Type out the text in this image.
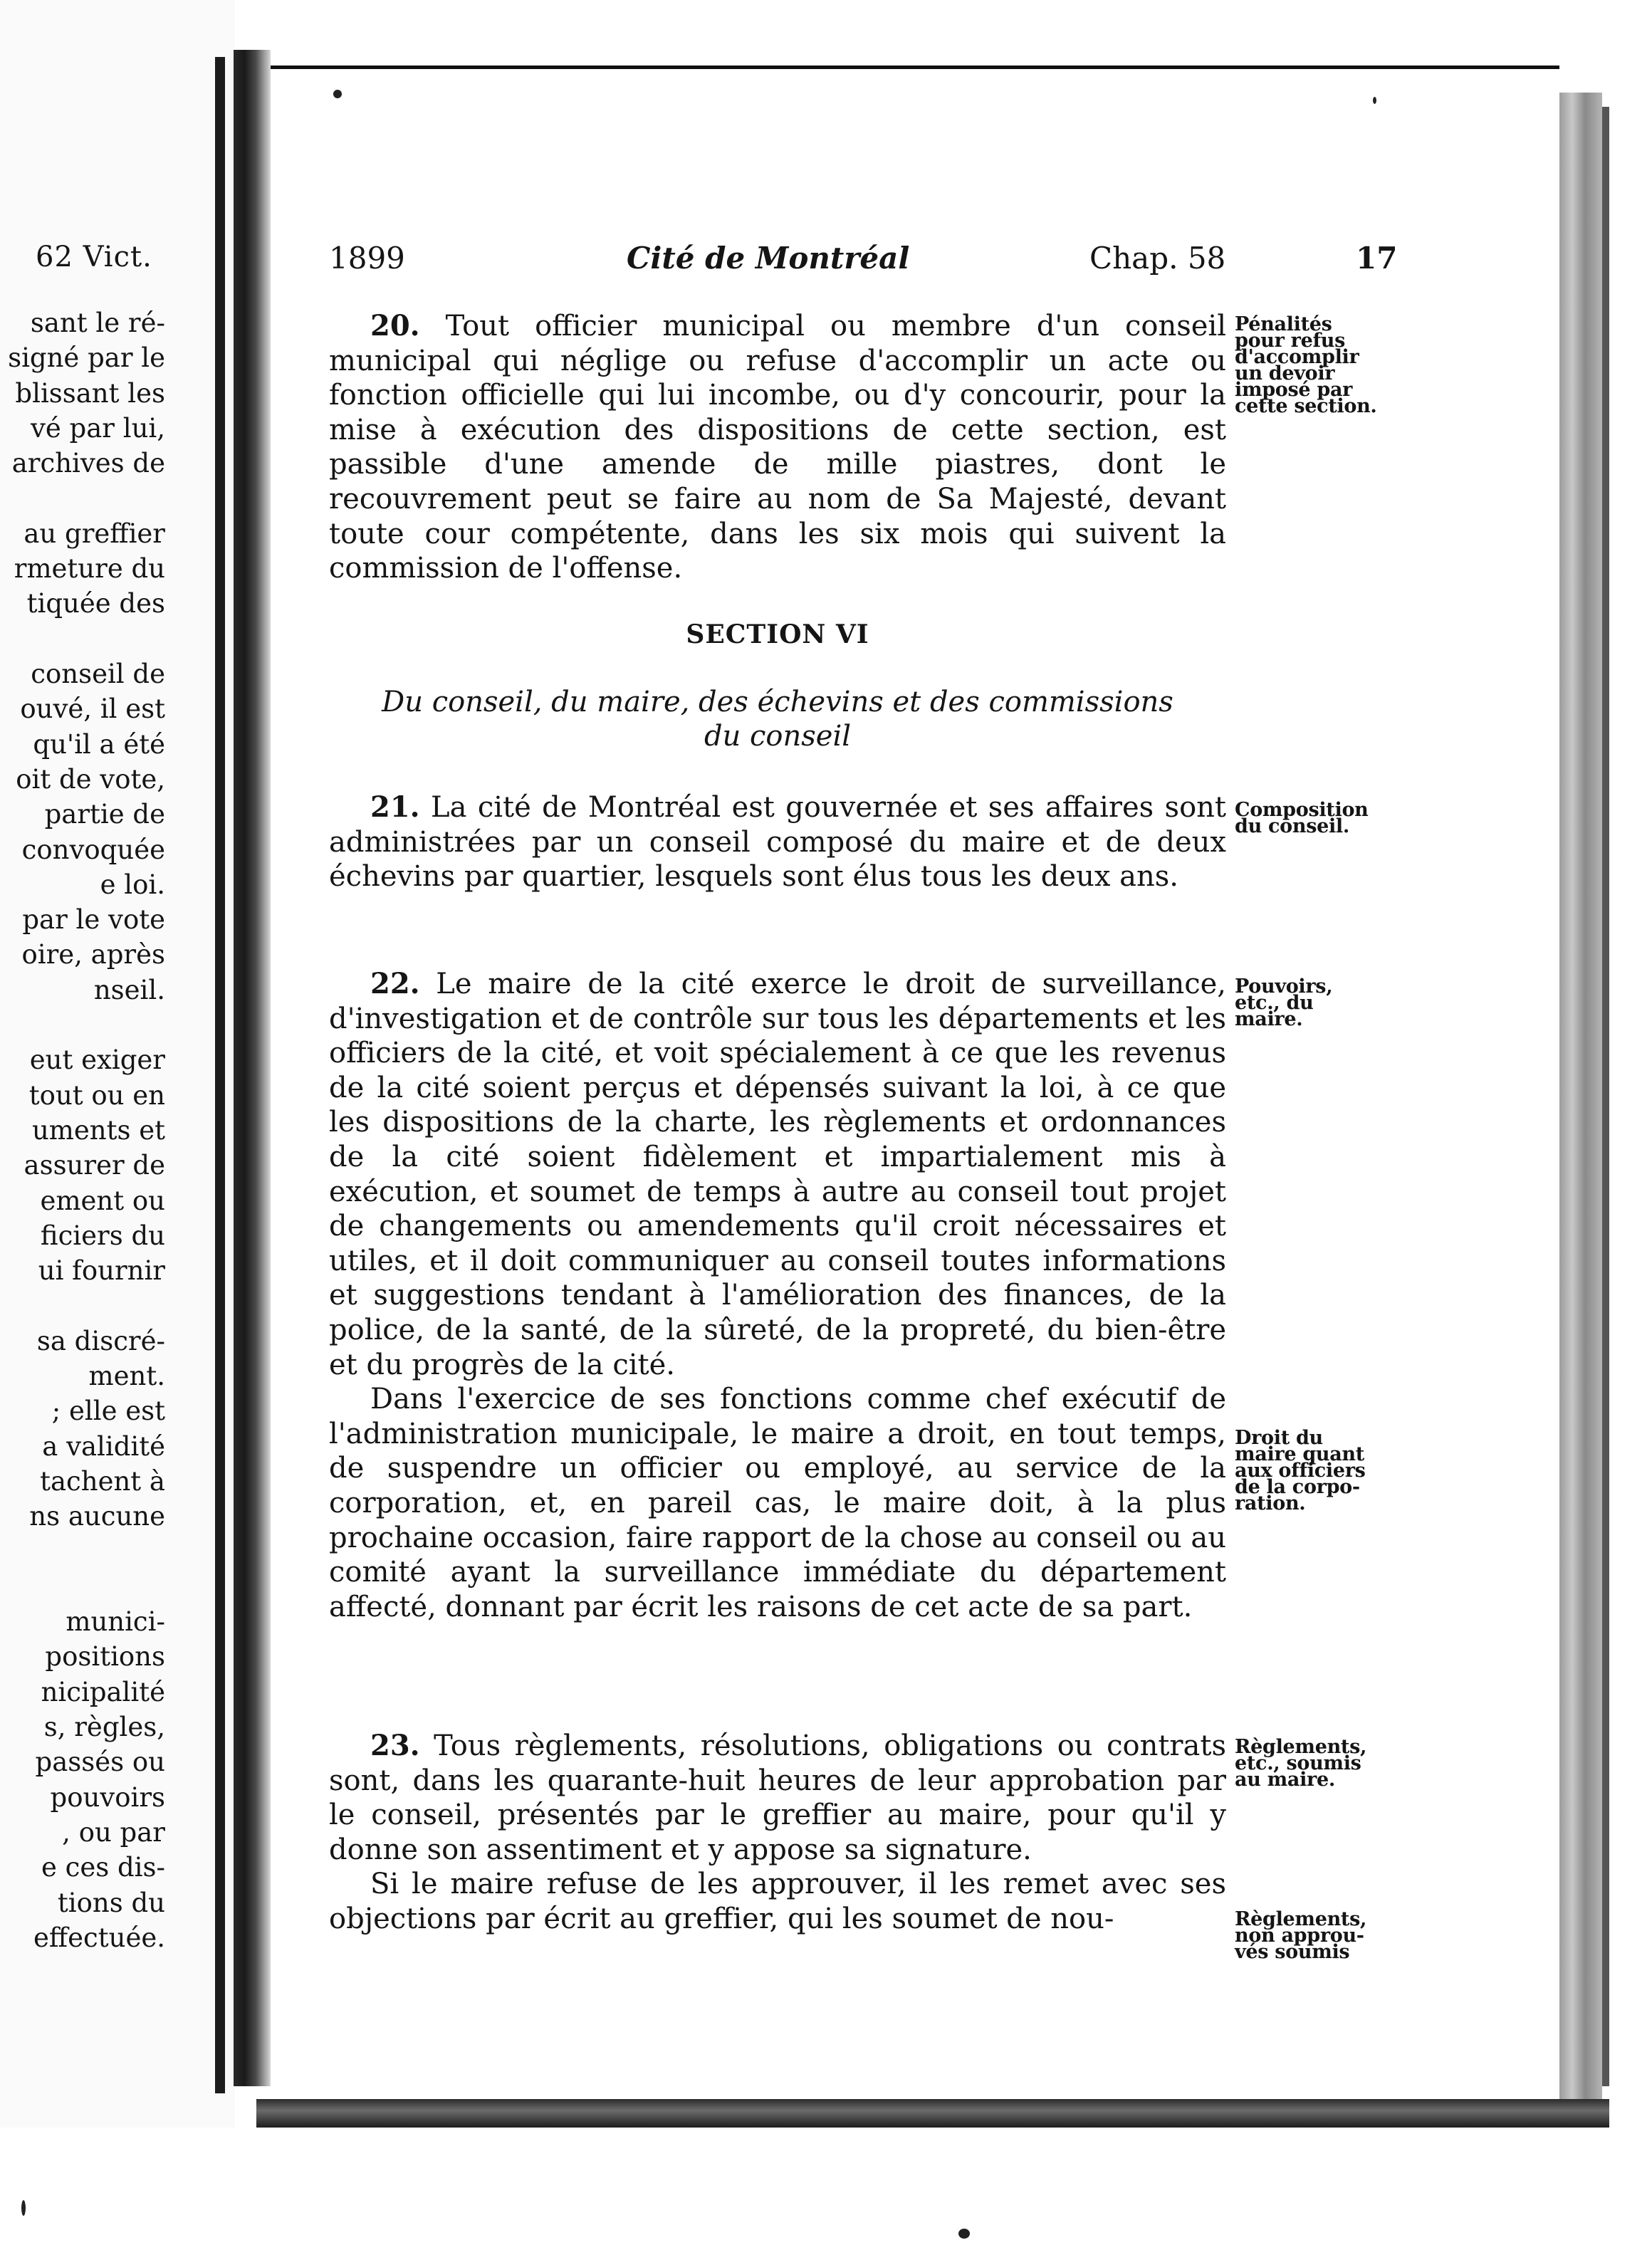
62 Vict.
sant le ré-
signé par le
blissant les
vé par lui,
archives de
au greffier
rmeture du
tiquée des
conseil de
ouvé, il est
qu'il a été
oit de vote,
partie de
convoquée
e loi.
par le vote
oire, après
nseil.
eut exiger
tout ou en
uments et
assurer de
ement ou
ficiers du
ui fournir
sa discré-
ment.
; elle est
a validité
tachent à
ns aucune
munici-
positions
nicipalité
s, règles,
passés ou
pouvoirs
, ou par
e ces dis-
tions du
effectuée.
1899	Cité de Montréal	Chap. 58	17

20. Tout officier municipal ou membre d'un conseil municipal qui néglige ou refuse d'accomplir un acte ou fonction officielle qui lui incombe, ou d'y concourir, pour la mise à exécution des dispositions de cette section, est passible d'une amende de mille piastres, dont le recouvrement peut se faire au nom de Sa Majesté, devant toute cour compétente, dans les six mois qui suivent la commission de l'offense.

SECTION VI
Du conseil, du maire, des échevins et des commissions
du conseil

21. La cité de Montréal est gouvernée et ses affaires sont administrées par un conseil composé du maire et de deux échevins par quartier, lesquels sont élus tous les deux ans.

22. Le maire de la cité exerce le droit de surveillance, d'investigation et de contrôle sur tous les départements et les officiers de la cité, et voit spécialement à ce que les revenus de la cité soient perçus et dépensés suivant la loi, à ce que les dispositions de la charte, les règlements et ordonnances de la cité soient fidèlement et impartialement mis à exécution, et soumet de temps à autre au conseil tout projet de changements ou amendements qu'il croit nécessaires et utiles, et il doit communiquer au conseil toutes informations et suggestions tendant à l'amélioration des finances, de la police, de la santé, de la sûreté, de la propreté, du bien-être et du progrès de la cité.

Dans l'exercice de ses fonctions comme chef exécutif de l'administration municipale, le maire a droit, en tout temps, de suspendre un officier ou employé, au service de la corporation, et, en pareil cas, le maire doit, à la plus prochaine occasion, faire rapport de la chose au conseil ou au comité ayant la surveillance immédiate du département affecté, donnant par écrit les raisons de cet acte de sa part.

23. Tous règlements, résolutions, obligations ou contrats sont, dans les quarante-huit heures de leur approbation par le conseil, présentés par le greffier au maire, pour qu'il y donne son assentiment et y appose sa signature.

Si le maire refuse de les approuver, il les remet avec ses objections par écrit au greffier, qui les soumet de nou-

Pénalités
pour refus
d'accomplir
un devoir
imposé par
cette section.
Composition
du conseil.
Pouvoirs,
etc., du
maire.
Droit du
maire quant
aux officiers
de la corpo-
ration.
Règlements,
etc., soumis
au maire.
Règlements,
non approu-
vés soumis
